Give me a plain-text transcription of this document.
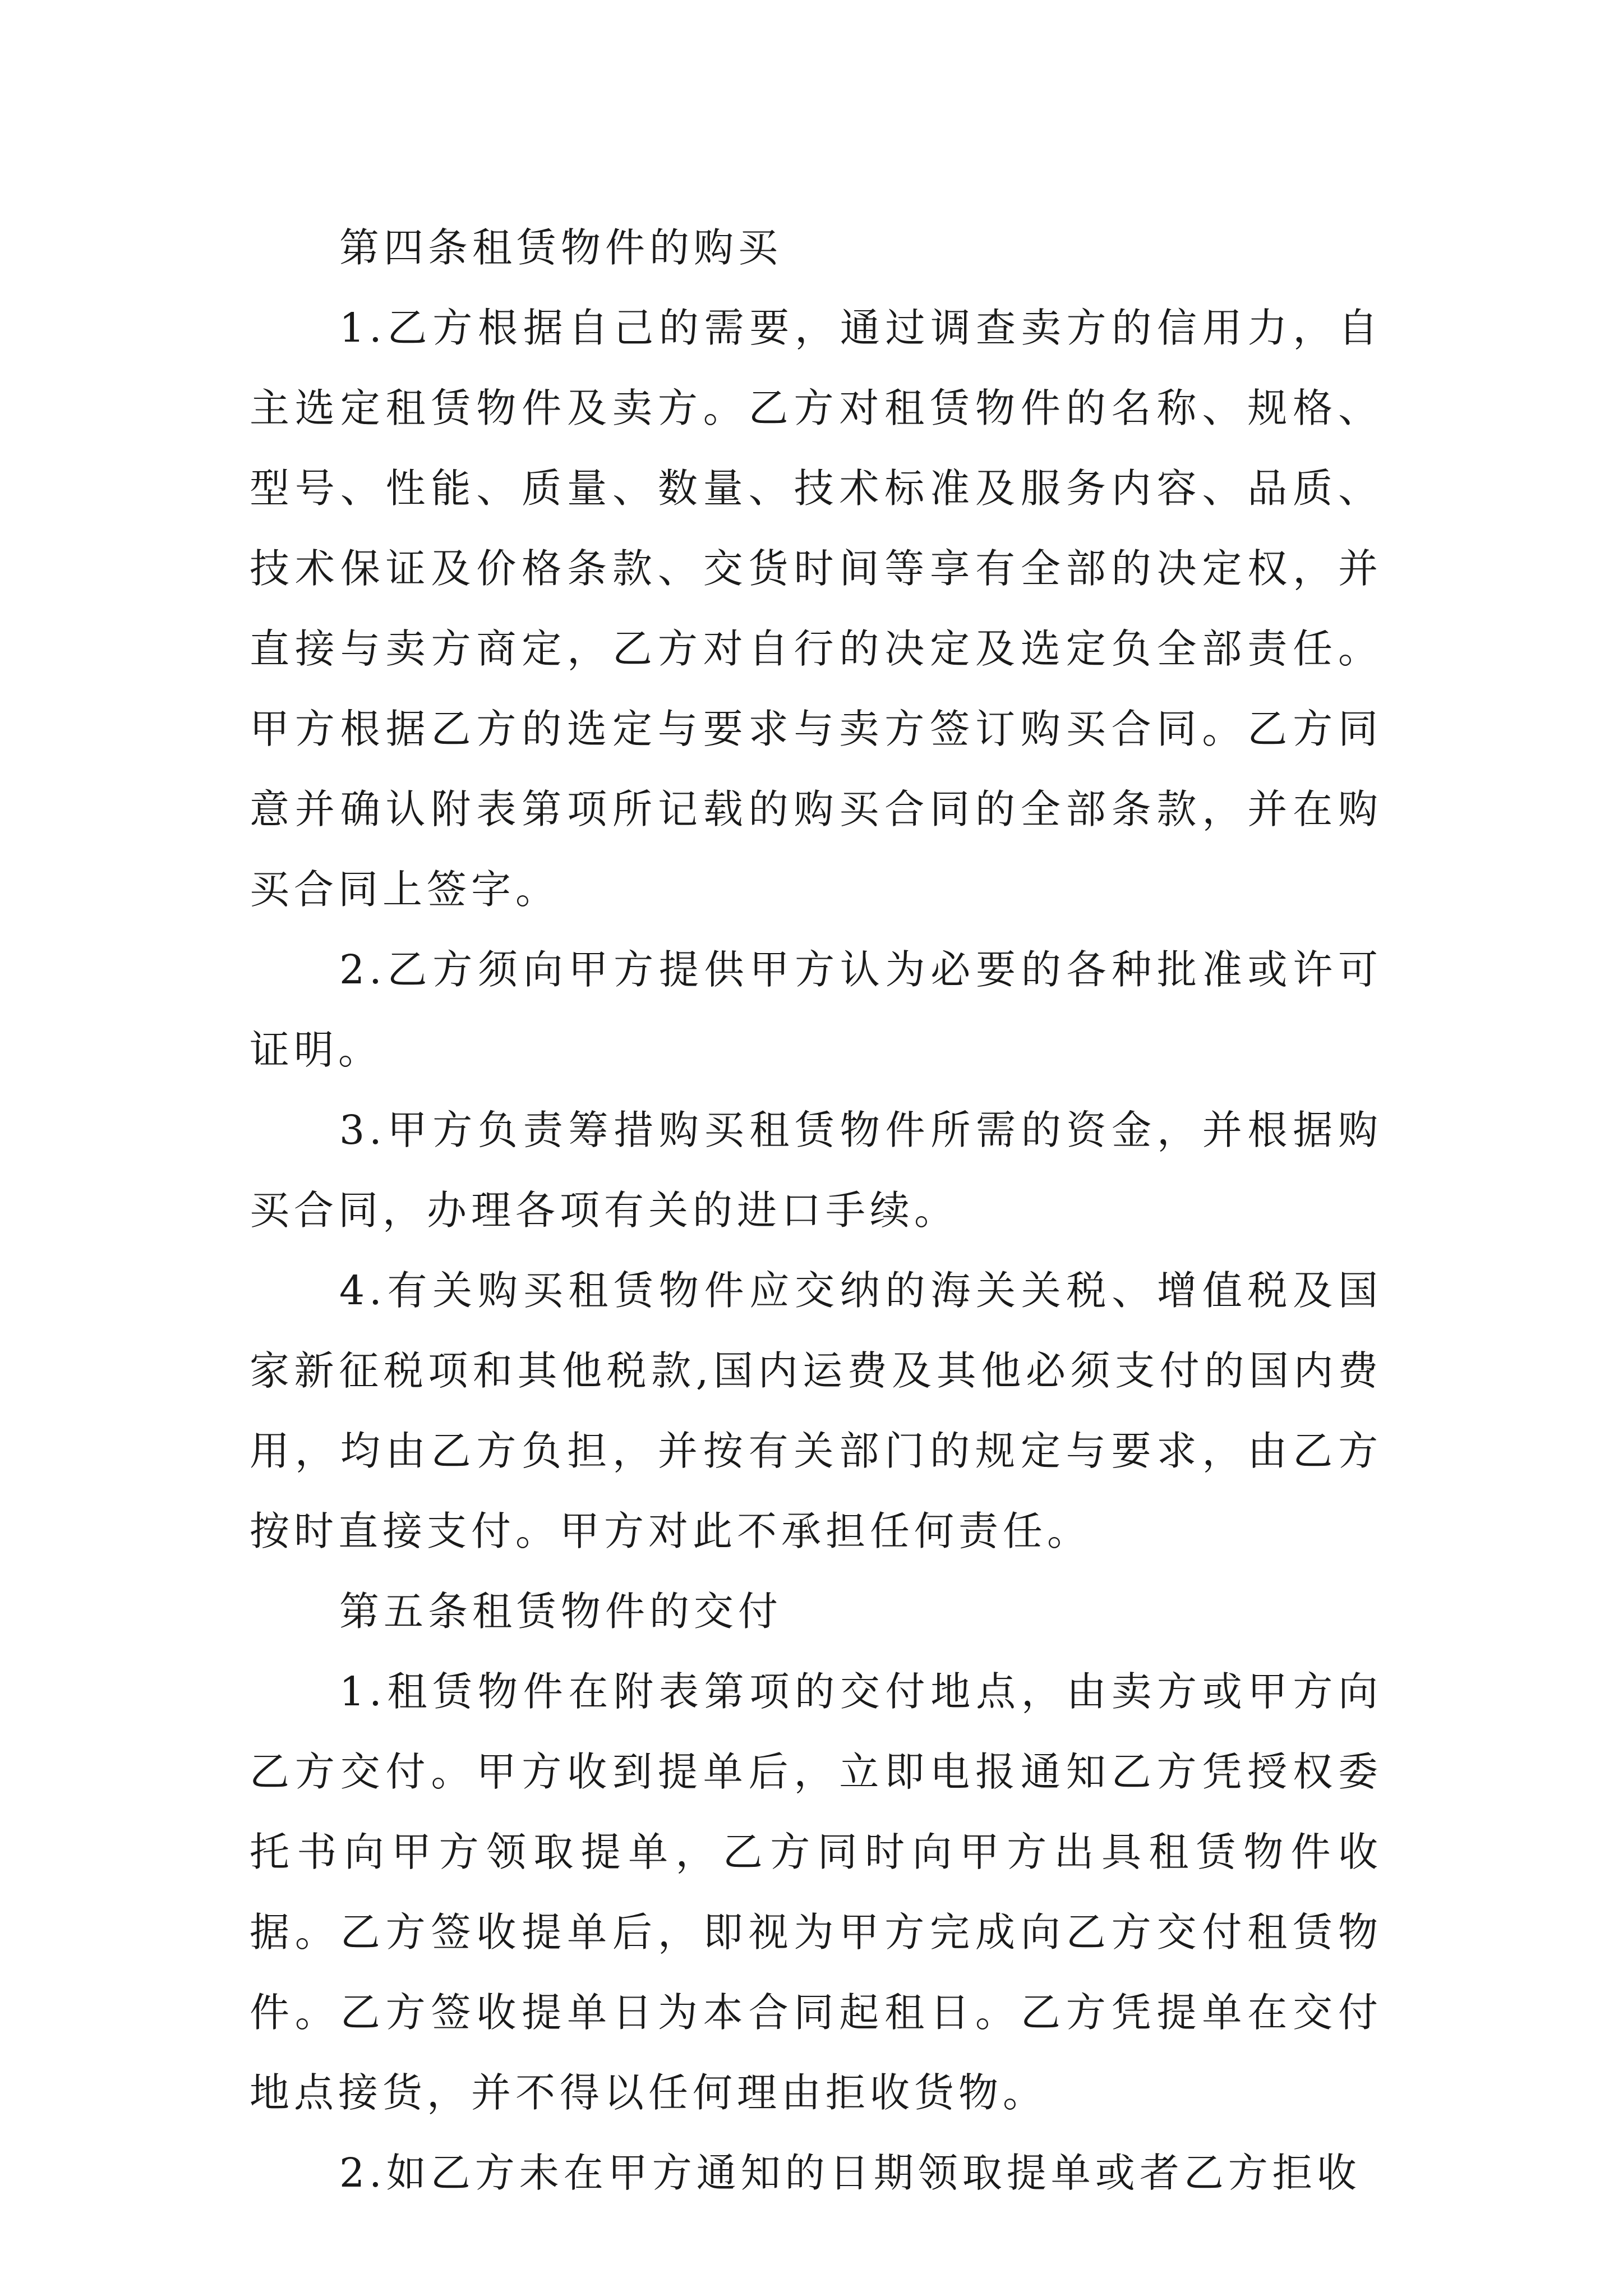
第四条租赁物件的购买

1.乙方根据自己的需要，通过调查卖方的信用力，自主选定租赁物件及卖方。乙方对租赁物件的名称、规格、型号、性能、质量、数量、技术标准及服务内容、品质、技术保证及价格条款、交货时间等享有全部的决定权，并直接与卖方商定，乙方对自行的决定及选定负全部责任。甲方根据乙方的选定与要求与卖方签订购买合同。乙方同意并确认附表第项所记载的购买合同的全部条款，并在购买合同上签字。

2.乙方须向甲方提供甲方认为必要的各种批准或许可证明。

3.甲方负责筹措购买租赁物件所需的资金，并根据购买合同，办理各项有关的进口手续。

4.有关购买租赁物件应交纳的海关关税、增值税及国家新征税项和其他税款,国内运费及其他必须支付的国内费用，均由乙方负担，并按有关部门的规定与要求，由乙方按时直接支付。甲方对此不承担任何责任。

第五条租赁物件的交付

1.租赁物件在附表第项的交付地点，由卖方或甲方向乙方交付。甲方收到提单后，立即电报通知乙方凭授权委托书向甲方领取提单，乙方同时向甲方出具租赁物件收据。乙方签收提单后，即视为甲方完成向乙方交付租赁物件。乙方签收提单日为本合同起租日。乙方凭提单在交付地点接货，并不得以任何理由拒收货物。

2.如乙方未在甲方通知的日期领取提单或者乙方拒收
